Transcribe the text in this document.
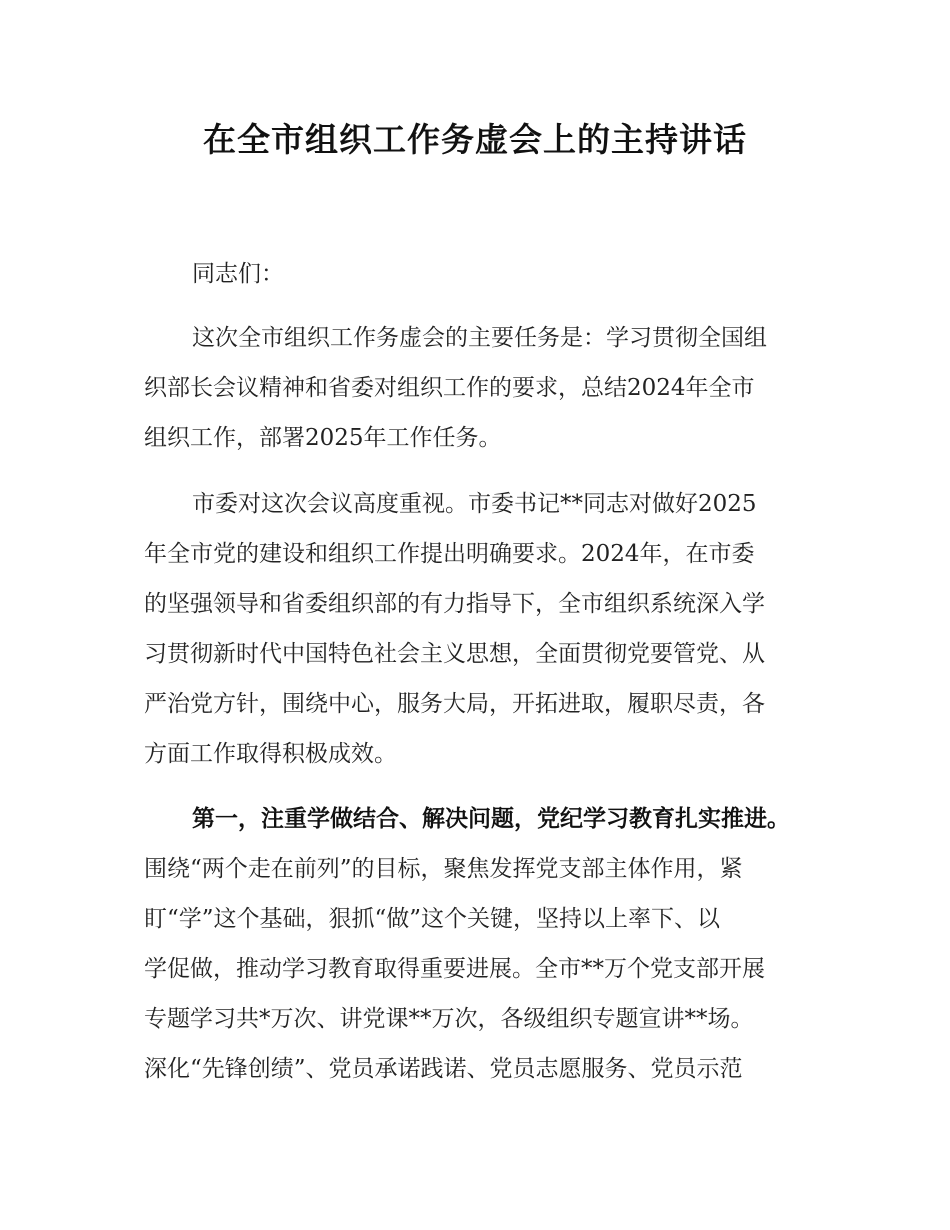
在全市组织工作务虚会上的主持讲话
同志们：
这次全市组织工作务虚会的主要任务是：学习贯彻全国组
织部长会议精神和省委对组织工作的要求，总结2024年全市
组织工作，部署2025年工作任务。
市委对这次会议高度重视。市委书记**同志对做好2025
年全市党的建设和组织工作提出明确要求。2024年，在市委
的坚强领导和省委组织部的有力指导下，全市组织系统深入学
习贯彻新时代中国特色社会主义思想，全面贯彻党要管党、从
严治党方针，围绕中心，服务大局，开拓进取，履职尽责，各
方面工作取得积极成效。
第一，注重学做结合、解决问题，党纪学习教育扎实推进。
围绕“两个走在前列”的目标，聚焦发挥党支部主体作用，紧
盯“学”这个基础，狠抓“做”这个关键，坚持以上率下、以
学促做，推动学习教育取得重要进展。全市**万个党支部开展
专题学习共*万次、讲党课**万次，各级组织专题宣讲**场。
深化“先锋创绩”、党员承诺践诺、党员志愿服务、党员示范
